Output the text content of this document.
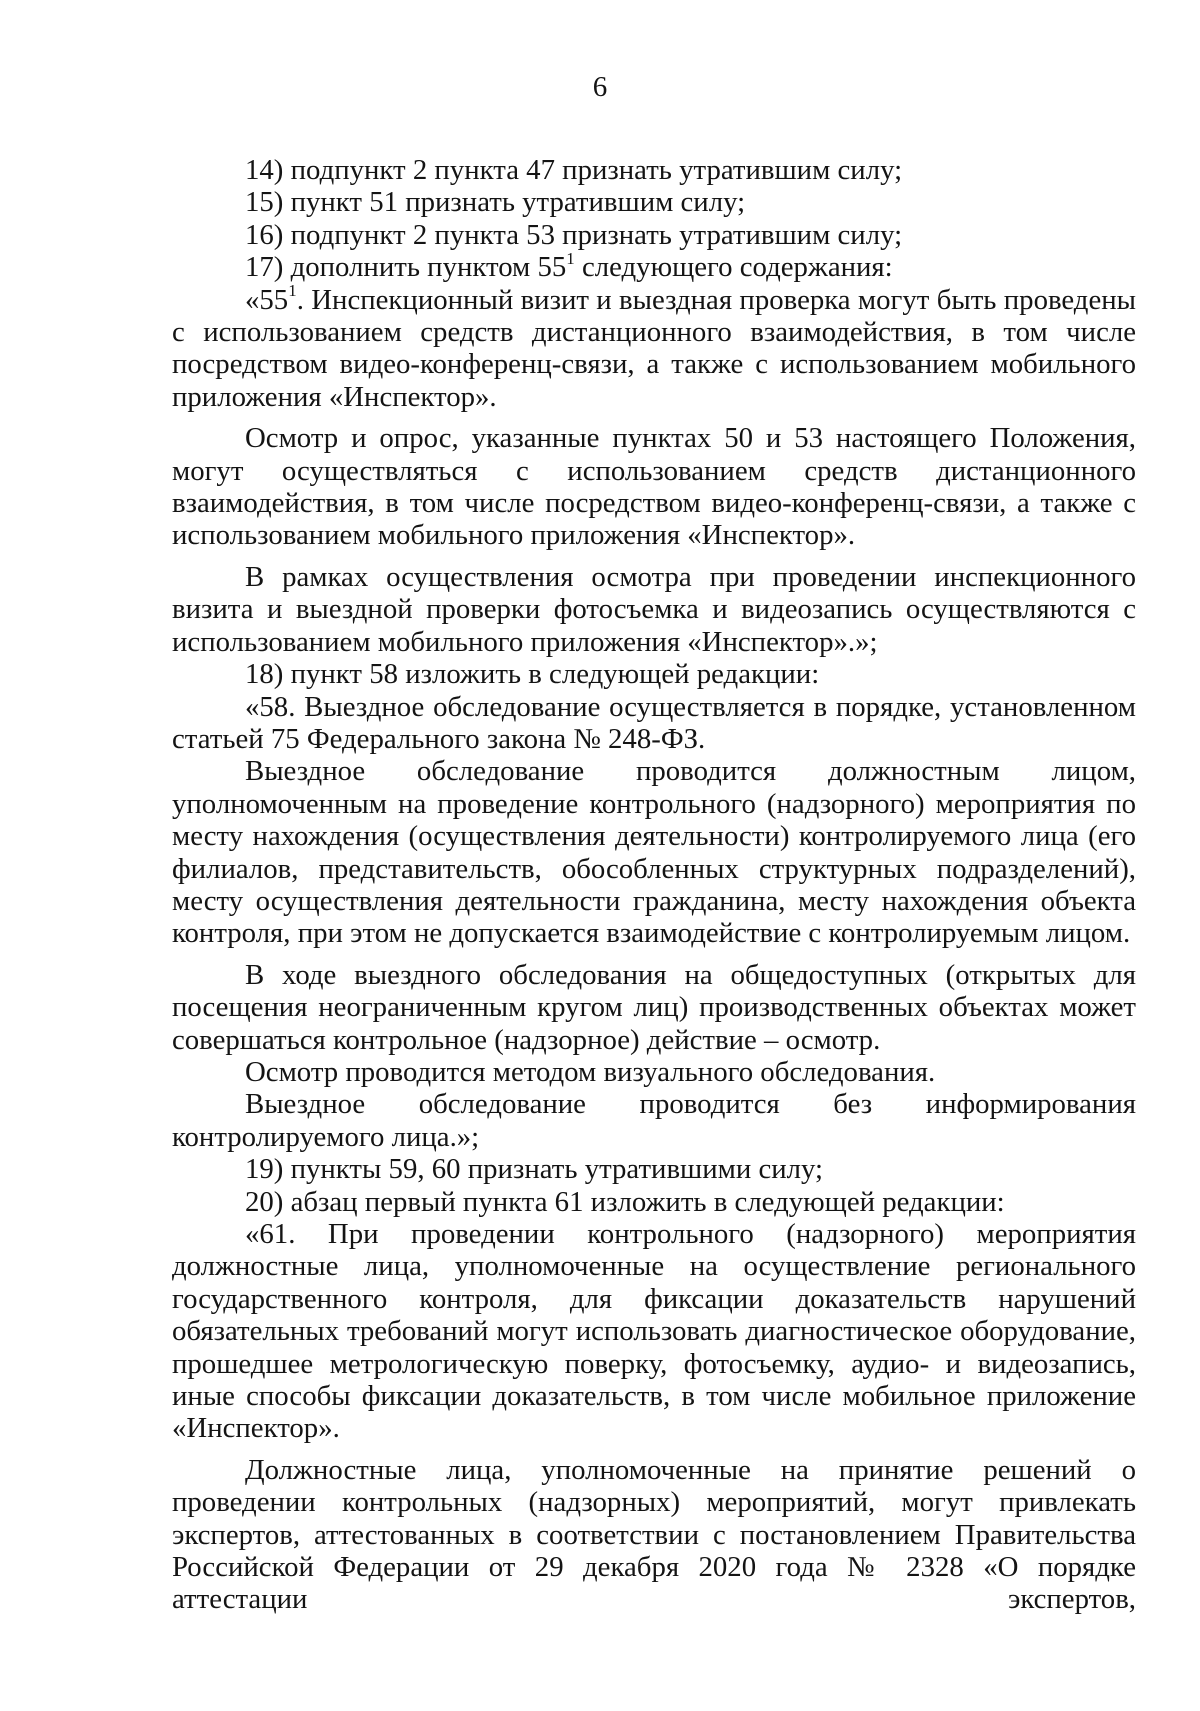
6

14) подпункт 2 пункта 47 признать утратившим силу;

15) пункт 51 признать утратившим силу;

16) подпункт 2 пункта 53 признать утратившим силу;

17) дополнить пунктом $55^1$ следующего содержания:

«$55^1$. Инспекционный визит и выездная проверка могут быть проведены с использованием средств дистанционного взаимодействия, в том числе посредством видео-конференц-связи, а также с использованием мобильного приложения «Инспектор».

Осмотр и опрос, указанные пунктах 50 и 53 настоящего Положения, могут осуществляться с использованием средств дистанционного взаимодействия, в том числе посредством видео-конференц-связи, а также с использованием мобильного приложения «Инспектор».

В рамках осуществления осмотра при проведении инспекционного визита и выездной проверки фотосъемка и видеозапись осуществляются с использованием мобильного приложения «Инспектор».»;

18) пункт 58 изложить в следующей редакции:

«58. Выездное обследование осуществляется в порядке, установленном статьей 75 Федерального закона № 248-ФЗ.

Выездное обследование проводится должностным лицом, уполномоченным на проведение контрольного (надзорного) мероприятия по месту нахождения (осуществления деятельности) контролируемого лица (его филиалов, представительств, обособленных структурных подразделений), месту осуществления деятельности гражданина, месту нахождения объекта контроля, при этом не допускается взаимодействие с контролируемым лицом.

В ходе выездного обследования на общедоступных (открытых для посещения неограниченным кругом лиц) производственных объектах может совершаться контрольное (надзорное) действие – осмотр.

Осмотр проводится методом визуального обследования.

Выездное обследование проводится без информирования контролируемого лица.»;

19) пункты 59, 60 признать утратившими силу;

20) абзац первый пункта 61 изложить в следующей редакции:

«61. При проведении контрольного (надзорного) мероприятия должностные лица, уполномоченные на осуществление регионального государственного контроля, для фиксации доказательств нарушений обязательных требований могут использовать диагностическое оборудование, прошедшее метрологическую поверку, фотосъемку, аудио- и видеозапись, иные способы фиксации доказательств, в том числе мобильное приложение «Инспектор».

Должностные лица, уполномоченные на принятие решений о проведении контрольных (надзорных) мероприятий, могут привлекать экспертов, аттестованных в соответствии с постановлением Правительства Российской Федерации от 29 декабря 2020 года № 2328 «О порядке аттестации экспертов,
